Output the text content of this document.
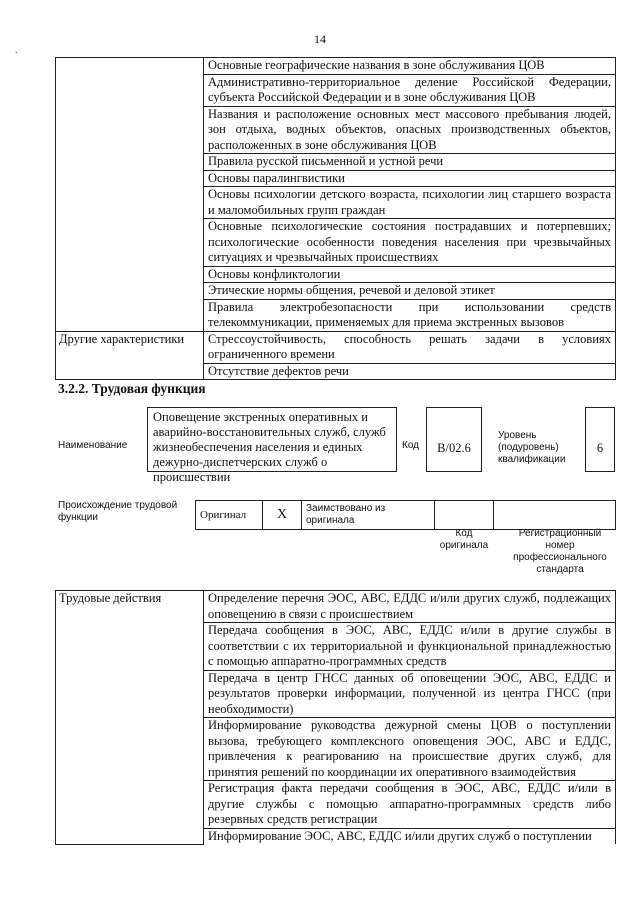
.
14
	Основные географические названия в зоне обслуживания ЦОВ
	Административно-территориальное деление Российской Федерации, субъекта Российской Федерации и в зоне обслуживания ЦОВ
	Названия и расположение основных мест массового пребывания людей, зон отдыха, водных объектов, опасных производственных объектов, расположенных в зоне обслуживания ЦОВ
	Правила русской письменной и устной речи
	Основы паралингвистики
	Основы психологии детского возраста, психологии лиц старшего возраста и маломобильных групп граждан
	Основные психологические состояния пострадавших и потерпевших; психологические особенности поведения населения при чрезвычайных ситуациях и чрезвычайных происшествиях
	Основы конфликтологии
	Этические нормы общения, речевой и деловой этикет
	Правила электробезопасности при использовании средств телекоммуникации, применяемых для приема экстренных вызовов
Другие характеристики	Стрессоустойчивость, способность решать задачи в условиях ограниченного времени
	Отсутствие дефектов речи
3.2.2. Трудовая функция
Наименование
Оповещение экстренных оперативных и аварийно-восстановительных служб, служб жизнеобеспечения населения и единых дежурно-диспетчерских служб о происшествии
Код	B/02.6
Уровень (подуровень) квалификации
6
Происхождение трудовой функции	Оригинал	X	Заимствовано из оригинала		
Код оригинала
Регистрационный номер профессионального стандарта
Трудовые действия	Определение перечня ЭОС, АВС, ЕДДС и/или других служб, подлежащих оповещению в связи с происшествием
Передача сообщения в ЭОС, АВС, ЕДДС и/или в другие службы в соответствии с их территориальной и функциональной принадлежностью с помощью аппаратно-программных средств
Передача в центр ГНСС данных об оповещении ЭОС, АВС, ЕДДС и результатов проверки информации, полученной из центра ГНСС (при необходимости)
Информирование руководства дежурной смены ЦОВ о поступлении вызова, требующего комплексного оповещения ЭОС, АВС и ЕДДС, привлечения к реагированию на происшествие других служб, для принятия решений по координации их оперативного взаимодействия
Регистрация факта передачи сообщения в ЭОС, АВС, ЕДДС и/или в другие службы с помощью аппаратно-программных средств либо резервных средств регистрации
Информирование ЭОС, АВС, ЕДДС и/или других служб о поступлении
